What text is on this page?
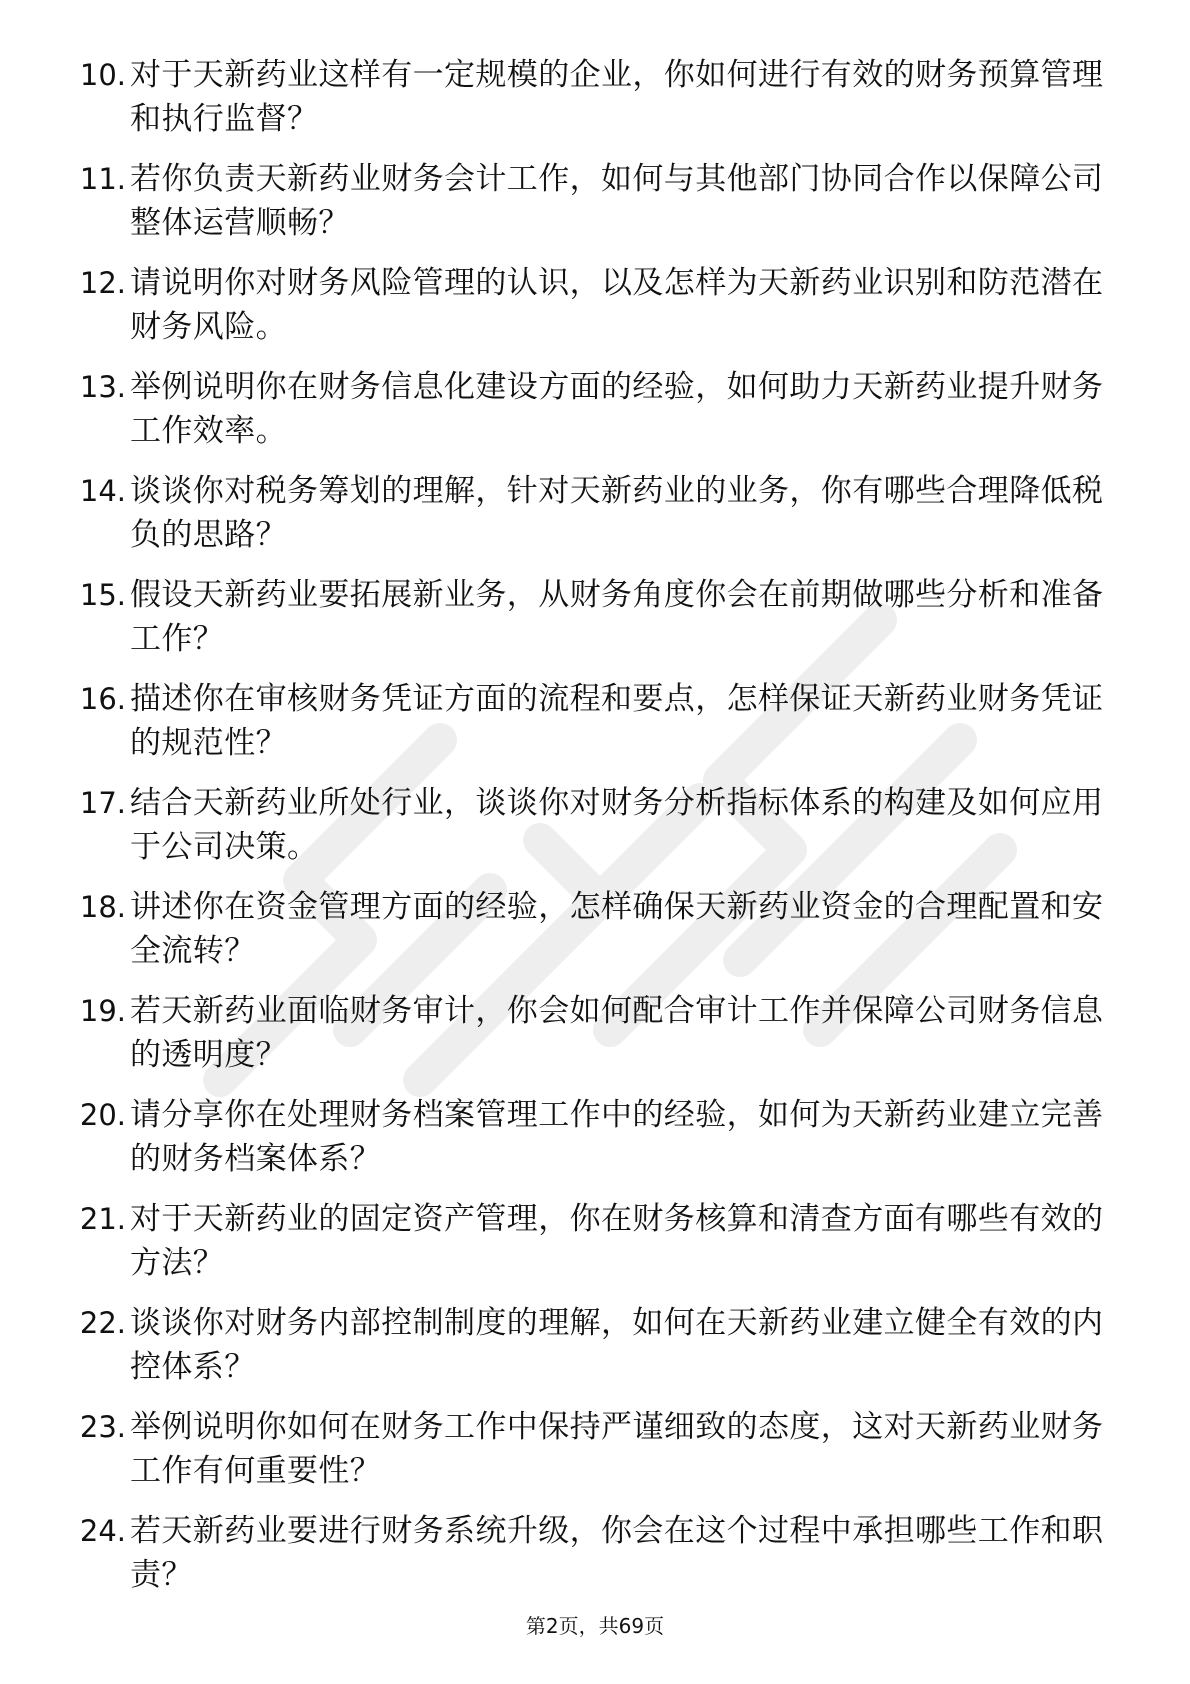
10. 对于天新药业这样有一定规模的企业，你如何进行有效的财务预算管理和执行监督？
11. 若你负责天新药业财务会计工作，如何与其他部门协同合作以保障公司整体运营顺畅？
12. 请说明你对财务风险管理的认识，以及怎样为天新药业识别和防范潜在财务风险。
13. 举例说明你在财务信息化建设方面的经验，如何助力天新药业提升财务工作效率。
14. 谈谈你对税务筹划的理解，针对天新药业的业务，你有哪些合理降低税负的思路？
15. 假设天新药业要拓展新业务，从财务角度你会在前期做哪些分析和准备工作？
16. 描述你在审核财务凭证方面的流程和要点，怎样保证天新药业财务凭证的规范性？
17. 结合天新药业所处行业，谈谈你对财务分析指标体系的构建及如何应用于公司决策。
18. 讲述你在资金管理方面的经验，怎样确保天新药业资金的合理配置和安全流转？
19. 若天新药业面临财务审计，你会如何配合审计工作并保障公司财务信息的透明度？
20. 请分享你在处理财务档案管理工作中的经验，如何为天新药业建立完善的财务档案体系？
21. 对于天新药业的固定资产管理，你在财务核算和清查方面有哪些有效的方法？
22. 谈谈你对财务内部控制制度的理解，如何在天新药业建立健全有效的内控体系？
23. 举例说明你如何在财务工作中保持严谨细致的态度，这对天新药业财务工作有何重要性？
24. 若天新药业要进行财务系统升级，你会在这个过程中承担哪些工作和职责？
第2页，共69页
